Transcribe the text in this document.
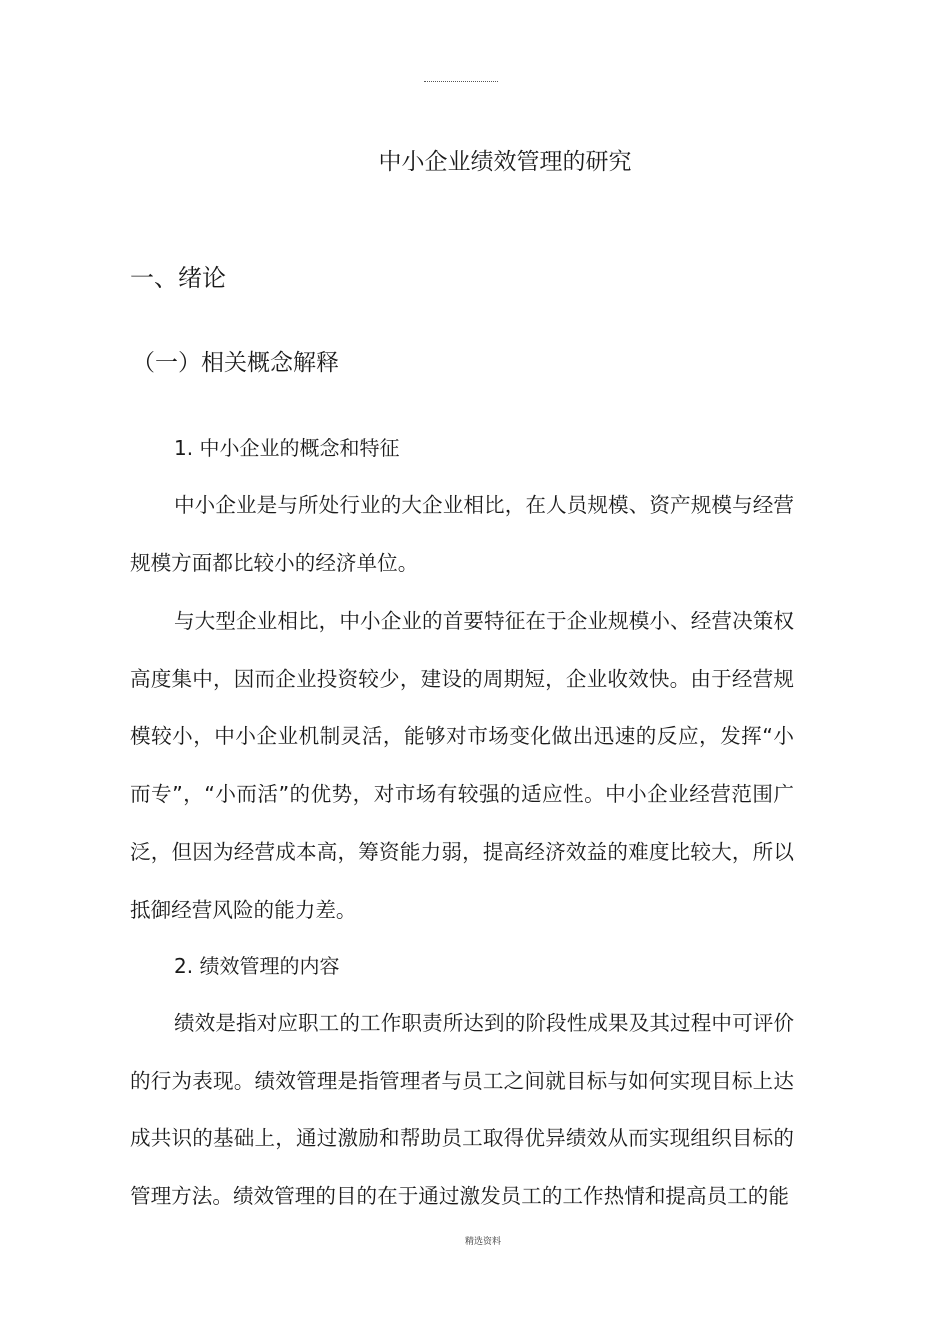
中小企业绩效管理的研究
一、绪论
（一）相关概念解释
1. 中小企业的概念和特征

中小企业是与所处行业的大企业相比，在人员规模、资产规模与经营规模方面都比较小的经济单位。

与大型企业相比，中小企业的首要特征在于企业规模小、经营决策权高度集中，因而企业投资较少，建设的周期短，企业收效快。由于经营规模较小，中小企业机制灵活，能够对市场变化做出迅速的反应，发挥“小而专”，“小而活”的优势，对市场有较强的适应性。中小企业经营范围广泛，但因为经营成本高，筹资能力弱，提高经济效益的难度比较大，所以抵御经营风险的能力差。

2. 绩效管理的内容

绩效是指对应职工的工作职责所达到的阶段性成果及其过程中可评价的行为表现。绩效管理是指管理者与员工之间就目标与如何实现目标上达成共识的基础上，通过激励和帮助员工取得优异绩效从而实现组织目标的管理方法。绩效管理的目的在于通过激发员工的工作热情和提高员工的能

精选资料
